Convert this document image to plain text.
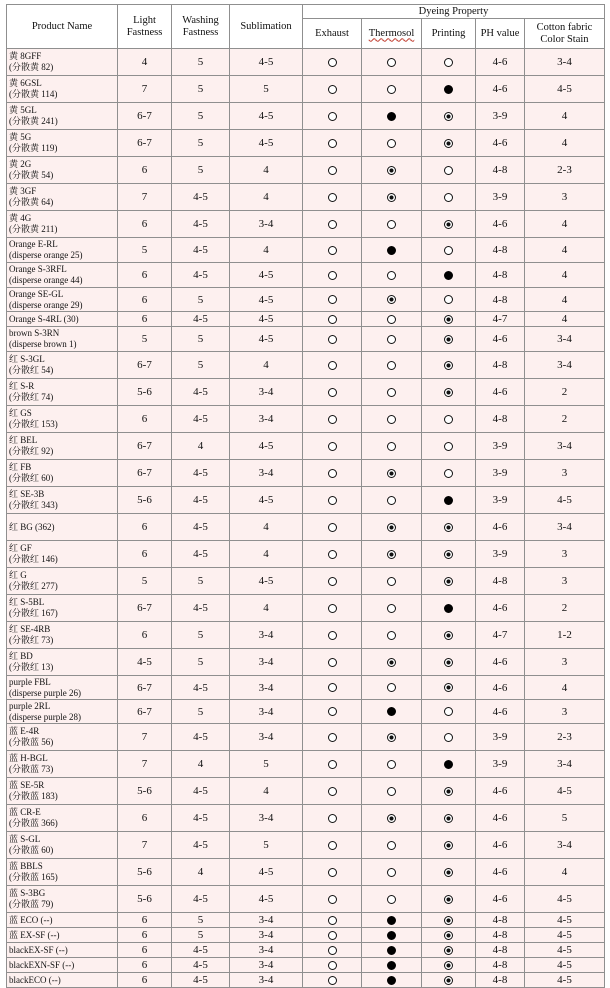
Product Name	Light Fastness	Washing Fastness	Sublimation	Dyeing Property				
				Exhaust	Thermosol	Printing	PH value	Cotton fabric Color Stain

黄 8GFF
(分散黄 82)	4	5	4-5				4-6	3-4

黄 6GSL
(分散黄 114)	7	5	5				4-6	4-5

黄 5GL
(分散黄 241)	6-7	5	4-5				3-9	4

黄 5G
(分散黄 119)	6-7	5	4-5				4-6	4

黄 2G
(分散黄 54)	6	5	4				4-8	2-3

黄 3GF
(分散黄 64)	7	4-5	4				3-9	3

黄 4G
(分散黄 211)	6	4-5	3-4				4-6	4

Orange E-RL
(disperse orange 25)	5	4-5	4				4-8	4

Orange S-3RFL
(disperse orange 44)	6	4-5	4-5				4-8	4

Orange SE-GL
(disperse orange 29)	6	5	4-5				4-8	4

Orange S-4RL (30)	6	4-5	4-5				4-7	4

brown S-3RN
(disperse brown 1)	5	5	4-5				4-6	3-4

红 S-3GL
(分散红 54)	6-7	5	4				4-8	3-4

红 S-R
(分散红 74)	5-6	4-5	3-4				4-6	2

红 GS
(分散红 153)	6	4-5	3-4				4-8	2

红 BEL
(分散红 92)	6-7	4	4-5				3-9	3-4

红 FB
(分散红 60)	6-7	4-5	3-4				3-9	3

红 SE-3B
(分散红 343)	5-6	4-5	4-5				3-9	4-5

红 BG (362)	6	4-5	4				4-6	3-4

红 GF
(分散红 146)	6	4-5	4				3-9	3

红 G
(分散红 277)	5	5	4-5				4-8	3

红 S-5BL
(分散红 167)	6-7	4-5	4				4-6	2

红 SE-4RB
(分散红 73)	6	5	3-4				4-7	1-2

红 BD
(分散红 13)	4-5	5	3-4				4-6	3

purple FBL
(disperse purple 26)	6-7	4-5	3-4				4-6	4

purple 2RL
(disperse purple 28)	6-7	5	3-4				4-6	3

蓝 E-4R
(分散蓝 56)	7	4-5	3-4				3-9	2-3

蓝 H-BGL
(分散蓝 73)	7	4	5				3-9	3-4

蓝 SE-5R
(分散蓝 183)	5-6	4-5	4				4-6	4-5

蓝 CR-E
(分散蓝 366)	6	4-5	3-4				4-6	5

蓝 S-GL
(分散蓝 60)	7	4-5	5				4-6	3-4

蓝 BBLS
(分散蓝 165)	5-6	4	4-5				4-6	4

蓝 S-3BG
(分散蓝 79)	5-6	4-5	4-5				4-6	4-5

蓝 ECO (--)	6	5	3-4				4-8	4-5

蓝 EX-SF (--)	6	5	3-4				4-8	4-5

blackEX-SF (--)	6	4-5	3-4				4-8	4-5

blackEXN-SF (--)	6	4-5	3-4				4-8	4-5

blackECO (--)	6	4-5	3-4				4-8	4-5
